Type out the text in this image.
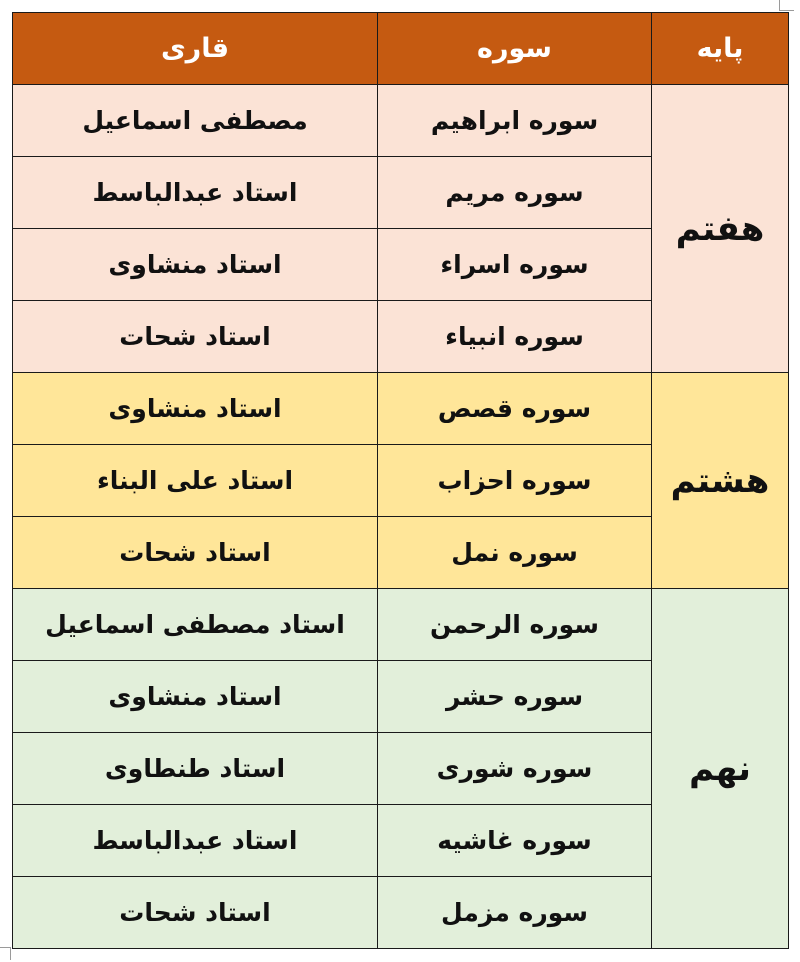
پایه	سوره	قاری
هفتم	سوره ابراهیم	مصطفی اسماعیل
	سوره مریم	استاد عبدالباسط
	سوره اسراء	استاد منشاوی
	سوره انبیاء	استاد شحات
هشتم	سوره قصص	استاد منشاوی
	سوره احزاب	استاد علی البناء
	سوره نمل	استاد شحات
نهم	سوره الرحمن	استاد مصطفی اسماعیل
	سوره حشر	استاد منشاوی
	سوره شوری	استاد طنطاوی
	سوره غاشیه	استاد عبدالباسط
	سوره مزمل	استاد شحات
